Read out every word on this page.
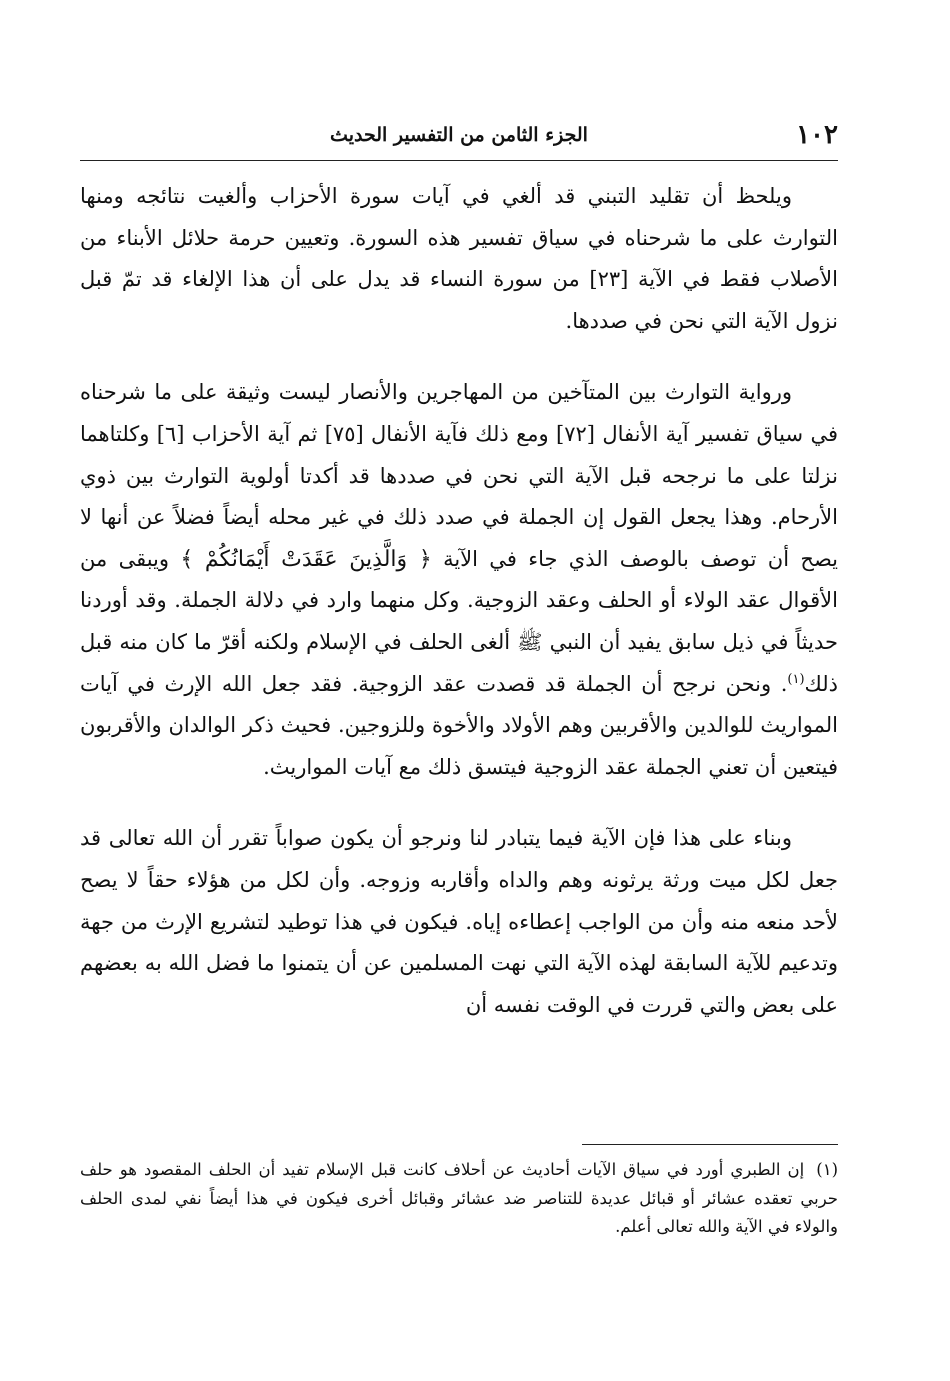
١٠٢
الجزء الثامن من التفسير الحديث

ويلحظ أن تقليد التبني قد ألغي في آيات سورة الأحزاب وألغيت نتائجه ومنها التوارث على ما شرحناه في سياق تفسير هذه السورة. وتعيين حرمة حلائل الأبناء من الأصلاب فقط في الآية [٢٣] من سورة النساء قد يدل على أن هذا الإلغاء قد تمّ قبل نزول الآية التي نحن في صددها.

ورواية التوارث بين المتآخين من المهاجرين والأنصار ليست وثيقة على ما شرحناه في سياق تفسير آية الأنفال [٧٢] ومع ذلك فآية الأنفال [٧٥] ثم آية الأحزاب [٦] وكلتاهما نزلتا على ما نرجحه قبل الآية التي نحن في صددها قد أكدتا أولوية التوارث بين ذوي الأرحام. وهذا يجعل القول إن الجملة في صدد ذلك في غير محله أيضاً فضلاً عن أنها لا يصح أن توصف بالوصف الذي جاء في الآية ﴿ وَالَّذِينَ عَقَدَتْ أَيْمَانُكُمْ ﴾ ويبقى من الأقوال عقد الولاء أو الحلف وعقد الزوجية. وكل منهما وارد في دلالة الجملة. وقد أوردنا حديثاً في ذيل سابق يفيد أن النبي ﷺ ألغى الحلف في الإسلام ولكنه أقرّ ما كان منه قبل ذلك$^{(١)}$. ونحن نرجح أن الجملة قد قصدت عقد الزوجية. فقد جعل الله الإرث في آيات المواريث للوالدين والأقربين وهم الأولاد والأخوة وللزوجين. فحيث ذكر الوالدان والأقربون فيتعين أن تعني الجملة عقد الزوجية فيتسق ذلك مع آيات المواريث.

وبناء على هذا فإن الآية فيما يتبادر لنا ونرجو أن يكون صواباً تقرر أن الله تعالى قد جعل لكل ميت ورثة يرثونه وهم والداه وأقاربه وزوجه. وأن لكل من هؤلاء حقاً لا يصح لأحد منعه منه وأن من الواجب إعطاءه إياه. فيكون في هذا توطيد لتشريع الإرث من جهة وتدعيم للآية السابقة لهذه الآية التي نهت المسلمين عن أن يتمنوا ما فضل الله به بعضهم على بعض والتي قررت في الوقت نفسه أن

(١)إن الطبري أورد في سياق الآيات أحاديث عن أحلاف كانت قبل الإسلام تفيد أن الحلف المقصود هو حلف حربي تعقده عشائر أو قبائل عديدة للتناصر ضد عشائر وقبائل أخرى فيكون في هذا أيضاً نفي لمدى الحلف والولاء في الآية والله تعالى أعلم.
